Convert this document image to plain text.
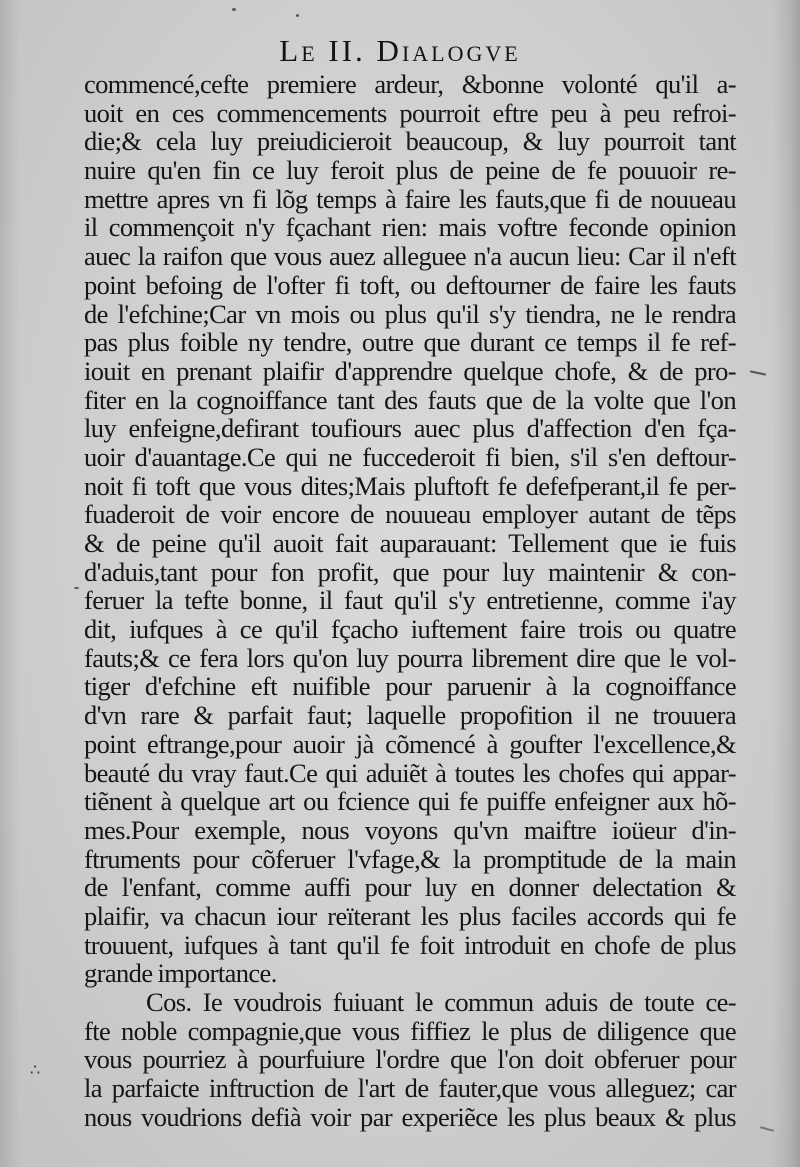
Le II. Dialogve
commencé,cefte premiere ardeur, &bonne volonté qu'il a-
uoit en ces commencements pourroit eftre peu à peu refroi-
die;& cela luy preiudicieroit beaucoup, & luy pourroit tant
nuire qu'en fin ce luy feroit plus de peine de fe pouuoir re-
mettre apres vn fi lõg temps à faire les fauts,que fi de nouueau
il commençoit n'y fçachant rien: mais voftre feconde opinion
auec la raifon que vous auez alleguee n'a aucun lieu: Car il n'eft
point befoing de l'ofter fi toft, ou deftourner de faire les fauts
de l'efchine;Car vn mois ou plus qu'il s'y tiendra, ne le rendra
pas plus foible ny tendre, outre que durant ce temps il fe ref-
iouit en prenant plaifir d'apprendre quelque chofe, & de pro-
fiter en la cognoiffance tant des fauts que de la volte que l'on
luy enfeigne,defirant toufiours auec plus d'affection d'en fça-
uoir d'auantage.Ce qui ne fuccederoit fi bien, s'il s'en deftour-
noit fi toft que vous dites;Mais pluftoft fe defefperant,il fe per-
fuaderoit de voir encore de nouueau employer autant de tẽps
& de peine qu'il auoit fait auparauant: Tellement que ie fuis
d'aduis,tant pour fon profit, que pour luy maintenir & con-
feruer la tefte bonne, il faut qu'il s'y entretienne, comme i'ay
dit, iufques à ce qu'il fçacho iuftement faire trois ou quatre
fauts;& ce fera lors qu'on luy pourra librement dire que le vol-
tiger d'efchine eft nuifible pour paruenir à la cognoiffance
d'vn rare & parfait faut; laquelle propofition il ne trouuera
point eftrange,pour auoir jà cõmencé à goufter l'excellence,&
beauté du vray faut.Ce qui aduiẽt à toutes les chofes qui appar-
tiẽnent à quelque art ou fcience qui fe puiffe enfeigner aux hõ-
mes.Pour exemple, nous voyons qu'vn maiftre ioüeur d'in-
ftruments pour cõferuer l'vfage,& la promptitude de la main
de l'enfant, comme auffi pour luy en donner delectation &
plaifir, va chacun iour reïterant les plus faciles accords qui fe
trouuent, iufques à tant qu'il fe foit introduit en chofe de plus
grande importance.
Cos. Ie voudrois fuiuant le commun aduis de toute ce-
fte noble compagnie,que vous fiffiez le plus de diligence que
vous pourriez à pourfuiure l'ordre que l'on doit obferuer pour
la parfaicte inftruction de l'art de fauter,que vous alleguez; car
nous voudrions defià voir par experiẽce les plus beaux & plus
∴
